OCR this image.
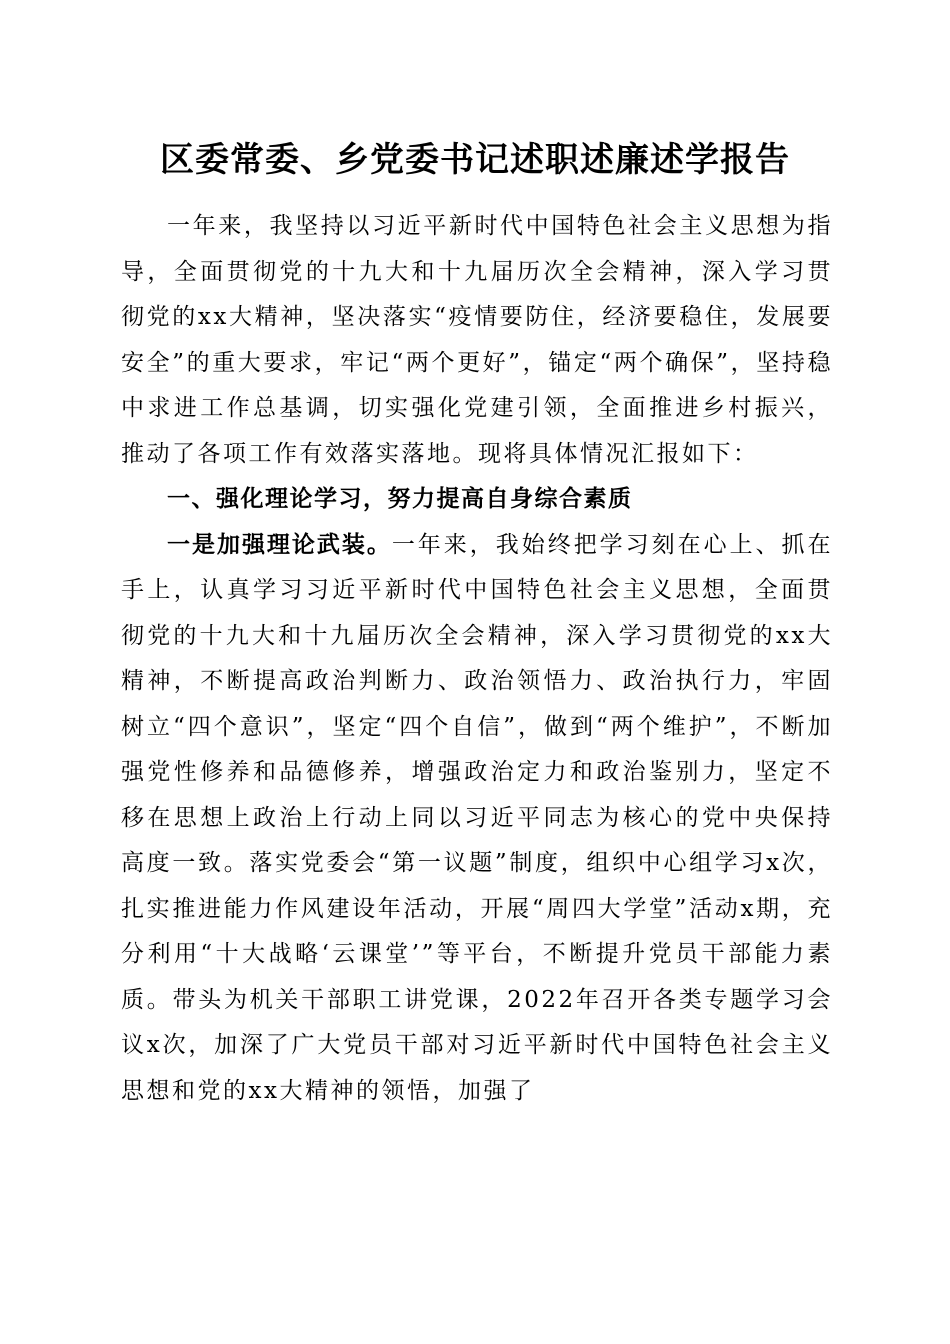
区委常委、乡党委书记述职述廉述学报告

一年来，我坚持以习近平新时代中国特色社会主义思想为指导，全面贯彻党的十九大和十九届历次全会精神，深入学习贯彻党的xx大精神，坚决落实“疫情要防住，经济要稳住，发展要安全”的重大要求，牢记“两个更好”，锚定“两个确保”，坚持稳中求进工作总基调，切实强化党建引领，全面推进乡村振兴，推动了各项工作有效落实落地。现将具体情况汇报如下：

一、强化理论学习，努力提高自身综合素质

一是加强理论武装。一年来，我始终把学习刻在心上、抓在手上，认真学习习近平新时代中国特色社会主义思想，全面贯彻党的十九大和十九届历次全会精神，深入学习贯彻党的xx大精神，不断提高政治判断力、政治领悟力、政治执行力，牢固树立“四个意识”，坚定“四个自信”，做到“两个维护”，不断加强党性修养和品德修养，增强政治定力和政治鉴别力，坚定不移在思想上政治上行动上同以习近平同志为核心的党中央保持高度一致。落实党委会“第一议题”制度，组织中心组学习x次，扎实推进能力作风建设年活动，开展“周四大学堂”活动x期，充分利用“十大战略‘云课堂’”等平台，不断提升党员干部能力素质。带头为机关干部职工讲党课，2022年召开各类专题学习会议x次，加深了广大党员干部对习近平新时代中国特色社会主义思想和党的xx大精神的领悟，加强了
